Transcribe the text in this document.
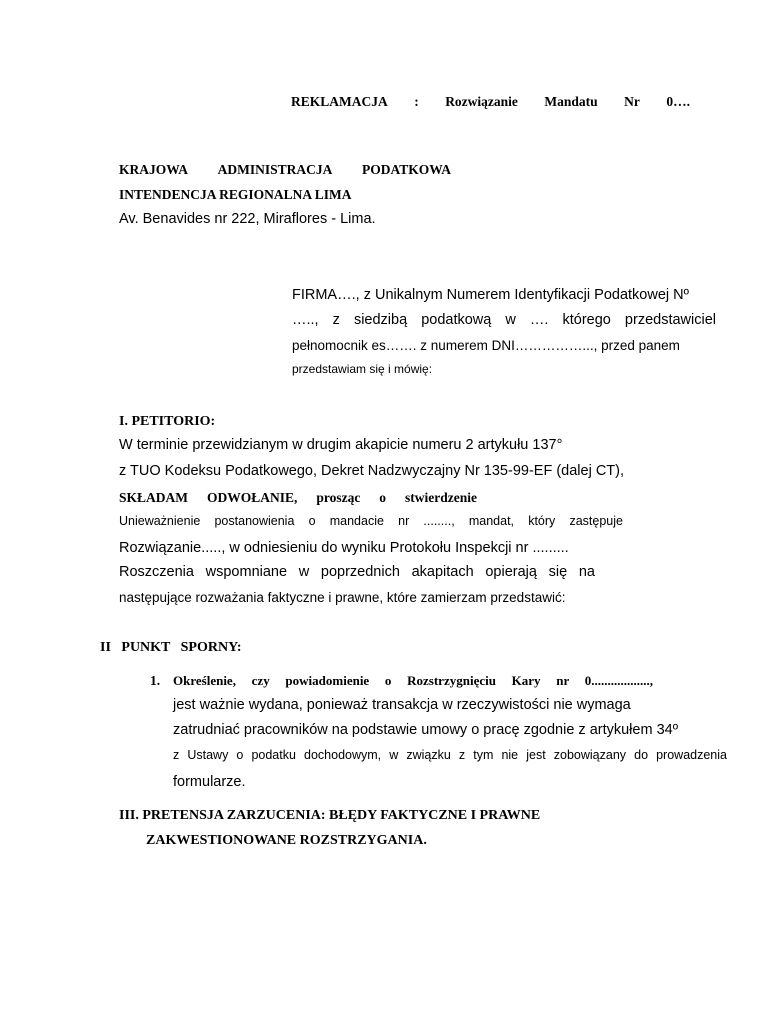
REKLAMACJA : Rozwiązanie Mandatu Nr 0….
KRAJOWA ADMINISTRACJA PODATKOWA
INTENDENCJA REGIONALNA LIMA
Av. Benavides nr 222, Miraflores - Lima.
FIRMA…., z Unikalnym Numerem Identyfikacji Podatkowej Nº
….., z siedzibą podatkową w …. którego przedstawiciel
pełnomocnik es……. z numerem DNI……………..., przed panem
przedstawiam się i mówię:
I. PETITORIO:
W terminie przewidzianym w drugim akapicie numeru 2 artykułu 137°
z TUO Kodeksu Podatkowego, Dekret Nadzwyczajny Nr 135-99-EF (dalej CT),
SKŁADAM ODWOŁANIE, prosząc o stwierdzenie
Unieważnienie postanowienia o mandacie nr ........, mandat, który zastępuje
Rozwiązanie....., w odniesieniu do wyniku Protokołu Inspekcji nr .........
Roszczenia wspomniane w poprzednich akapitach opierają się na
następujące rozważania faktyczne i prawne, które zamierzam przedstawić:
II   PUNKT   SPORNY:
1. Określenie, czy powiadomienie o Rozstrzygnięciu Kary nr 0..................,
jest ważnie wydana, ponieważ transakcja w rzeczywistości nie wymaga
zatrudniać pracowników na podstawie umowy o pracę zgodnie z artykułem 34º
z Ustawy o podatku dochodowym, w związku z tym nie jest zobowiązany do prowadzenia
formularze.
III. PRETENSJA ZARZUCENIA: BŁĘDY FAKTYCZNE I PRAWNE
ZAKWESTIONOWANE ROZSTRZYGANIA.
